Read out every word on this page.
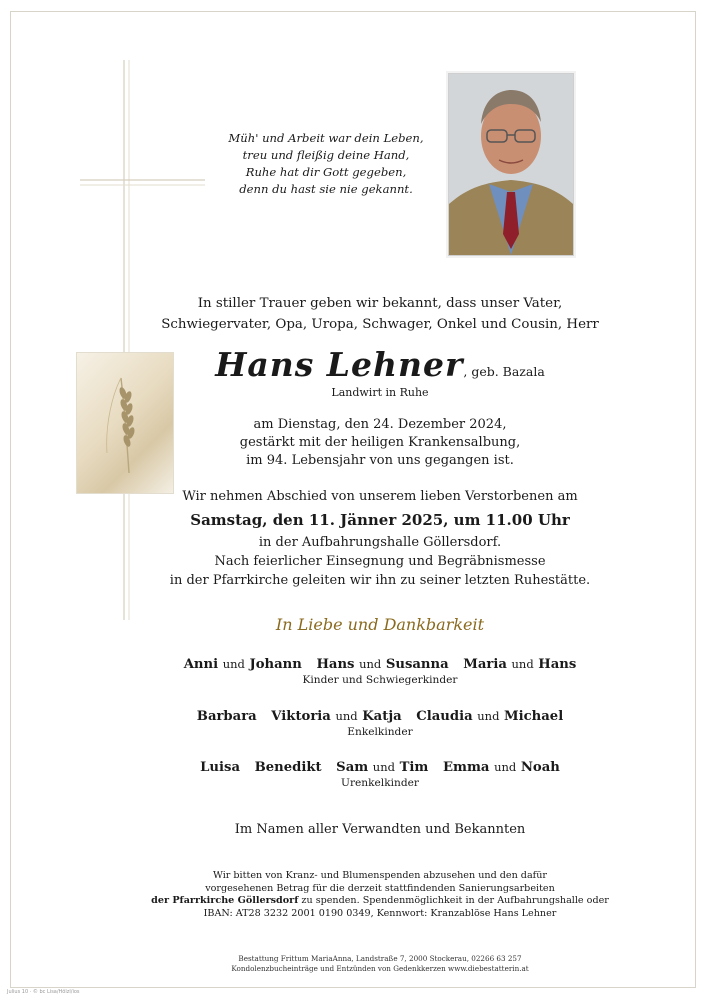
Müh' und Arbeit war dein Leben,
treu und fleißig deine Hand,
Ruhe hat dir Gott gegeben,
denn du hast sie nie gekannt.
In stiller Trauer geben wir bekannt, dass unser Vater,
Schwiegervater, Opa, Uropa, Schwager, Onkel und Cousin, Herr
Hans Lehner, geb. Bazala
Landwirt in Ruhe
am Dienstag, den 24. Dezember 2024,
gestärkt mit der heiligen Krankensalbung,
im 94. Lebensjahr von uns gegangen ist.
Wir nehmen Abschied von unserem lieben Verstorbenen am
Samstag, den 11. Jänner 2025, um 11.00 Uhr
in der Aufbahrungshalle Göllersdorf.
Nach feierlicher Einsegnung und Begräbnismesse
in der Pfarrkirche geleiten wir ihn zu seiner letzten Ruhestätte.
In Liebe und Dankbarkeit
Anni und Johann Hans und Susanna Maria und Hans
Kinder und Schwiegerkinder
Barbara Viktoria und Katja Claudia und Michael
Enkelkinder
Luisa Benedikt Sam und Tim Emma und Noah
Urenkelkinder
Im Namen aller Verwandten und Bekannten
Wir bitten von Kranz- und Blumenspenden abzusehen und den dafür
vorgesehenen Betrag für die derzeit stattfindenden Sanierungsarbeiten
der Pfarrkirche Göllersdorf zu spenden. Spendenmöglichkeit in der Aufbahrungshalle oder
IBAN: AT28 3232 2001 0190 0349, Kennwort: Kranzablöse Hans Lehner
Bestattung Frittum MariaAnna, Landstraße 7, 2000 Stockerau, 02266 63 257
Kondolenzbucheinträge und Entzünden von Gedenkkerzen www.diebestatterin.at
Julius 10 · © bc Lisa/Hölzl/ios
